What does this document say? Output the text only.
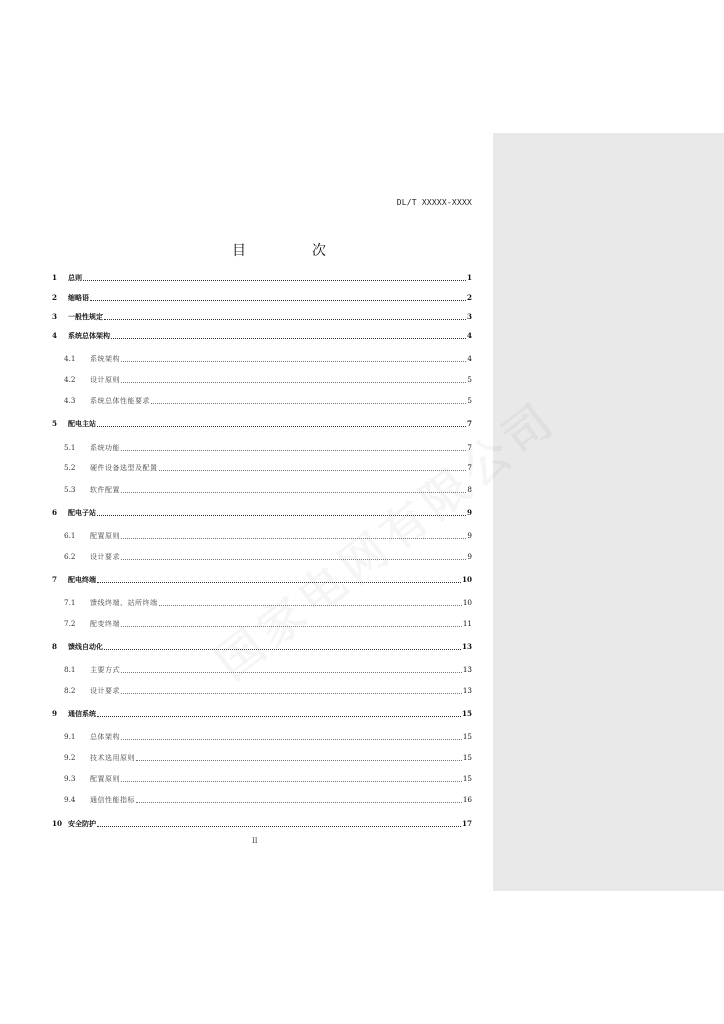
DL/T XXXXX-XXXX
目　次
1	总则	1
2	缩略语	2
3	一般性规定	3
4	系统总体架构	4
4.1	系统架构	4
4.2	设计原则	5
4.3	系统总体性能要求	5
5	配电主站	7
5.1	系统功能	7
5.2	硬件设备选型及配置	7
5.3	软件配置	8
6	配电子站	9
6.1	配置原则	9
6.2	设计要求	9
7	配电终端	10
7.1	馈线终端、站所终端	10
7.2	配变终端	11
8	馈线自动化	13
8.1	主要方式	13
8.2	设计要求	13
9	通信系统	15
9.1	总体架构	15
9.2	技术选用原则	15
9.3	配置原则	15
9.4	通信性能指标	16
10 安全防护	17
II
